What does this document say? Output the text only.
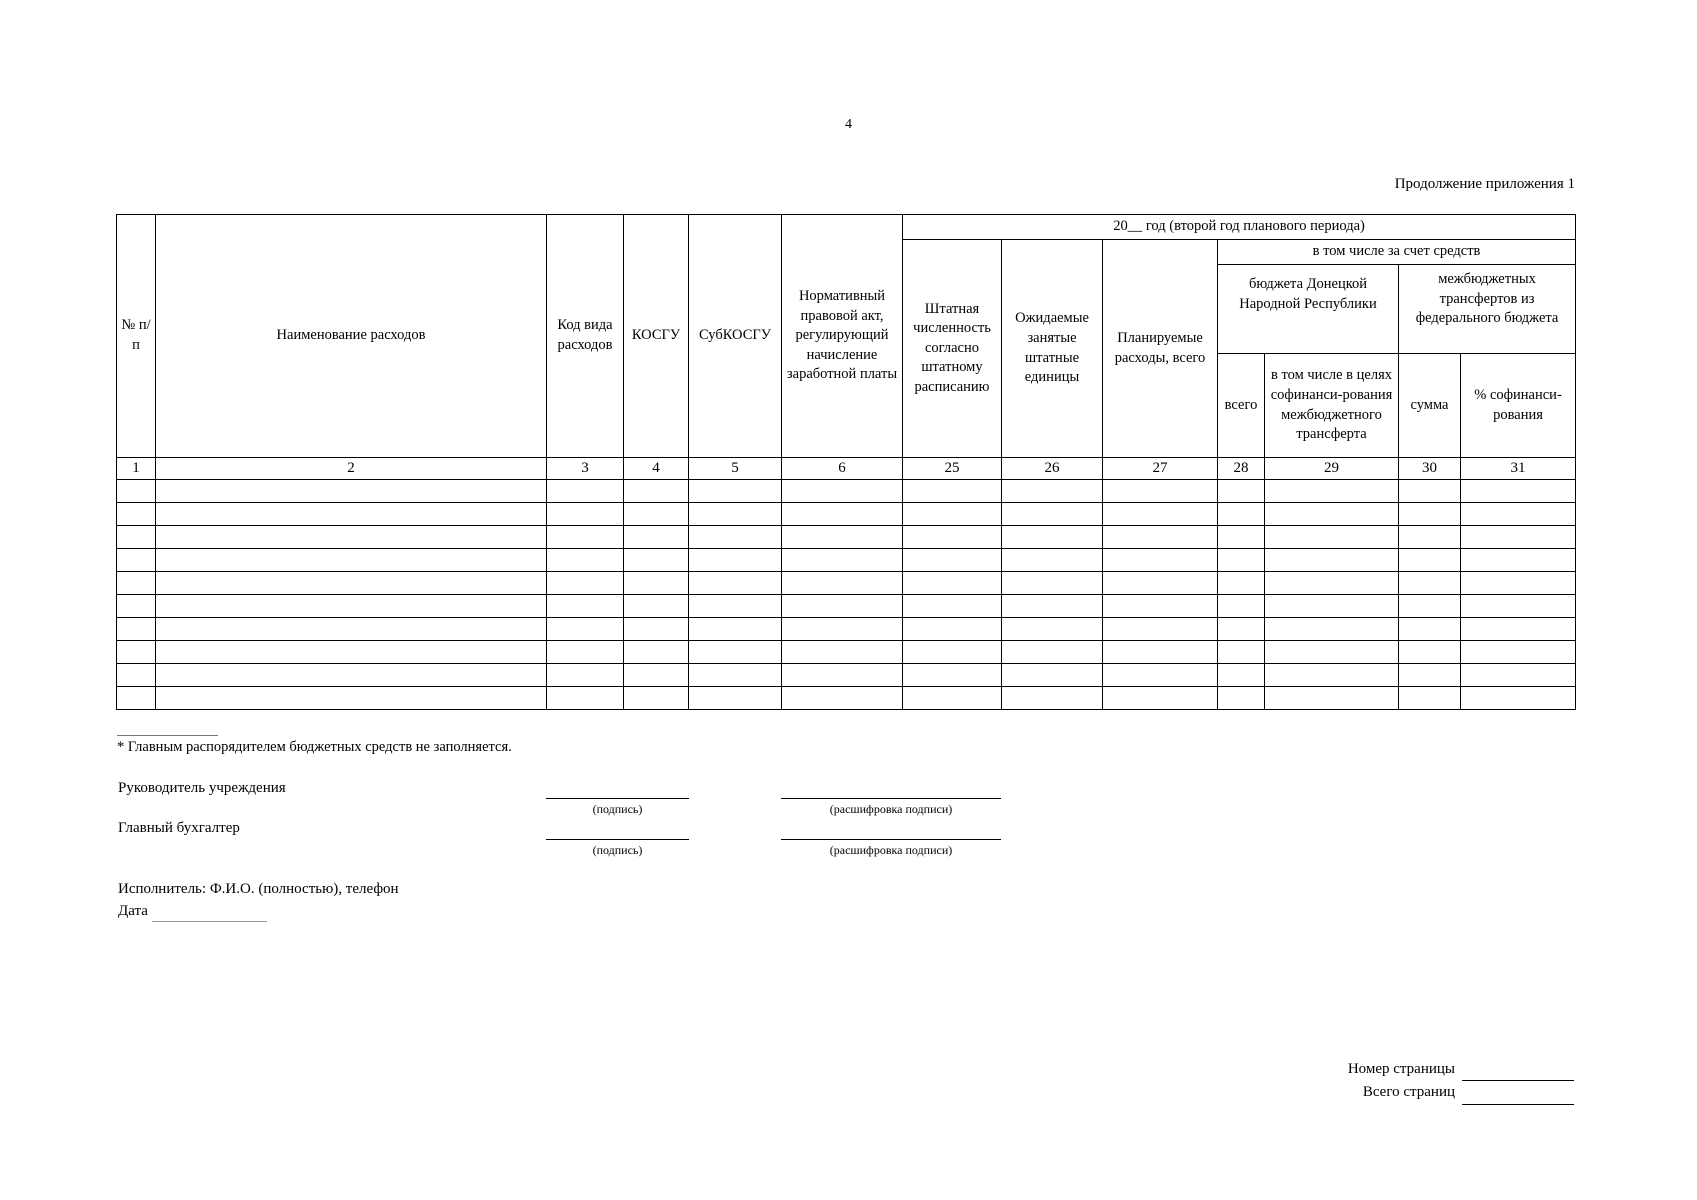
4
Продолжение приложения 1
№ п/п	Наименование расходов	Код вида расходов	КОСГУ	СубКОСГУ	Нормативный правовой акт, регулирующий начисление заработной платы	20__ год (второй год планового периода)						
						Штатная численность согласно штатному расписанию	Ожидаемые занятые штатные единицы	Планируемые расходы, всего	в том числе за счет средств			
									бюджета Донецкой Народной Республики		межбюджетных трансфертов из федерального бюджета	
									всего	в том числе в целях софинанси-рования межбюджетного трансферта	сумма	% софинанси-рования
1	2	3	4	5	6	25	26	27	28	29	30	31

* Главным распорядителем бюджетных средств не заполняется.
Руководитель учреждения
(подпись)	(расшифровка подписи)
Главный бухгалтер
(подпись)	(расшифровка подписи)
Исполнитель: Ф.И.О. (полностью), телефон
Дата
Номер страницы
Всего страниц
